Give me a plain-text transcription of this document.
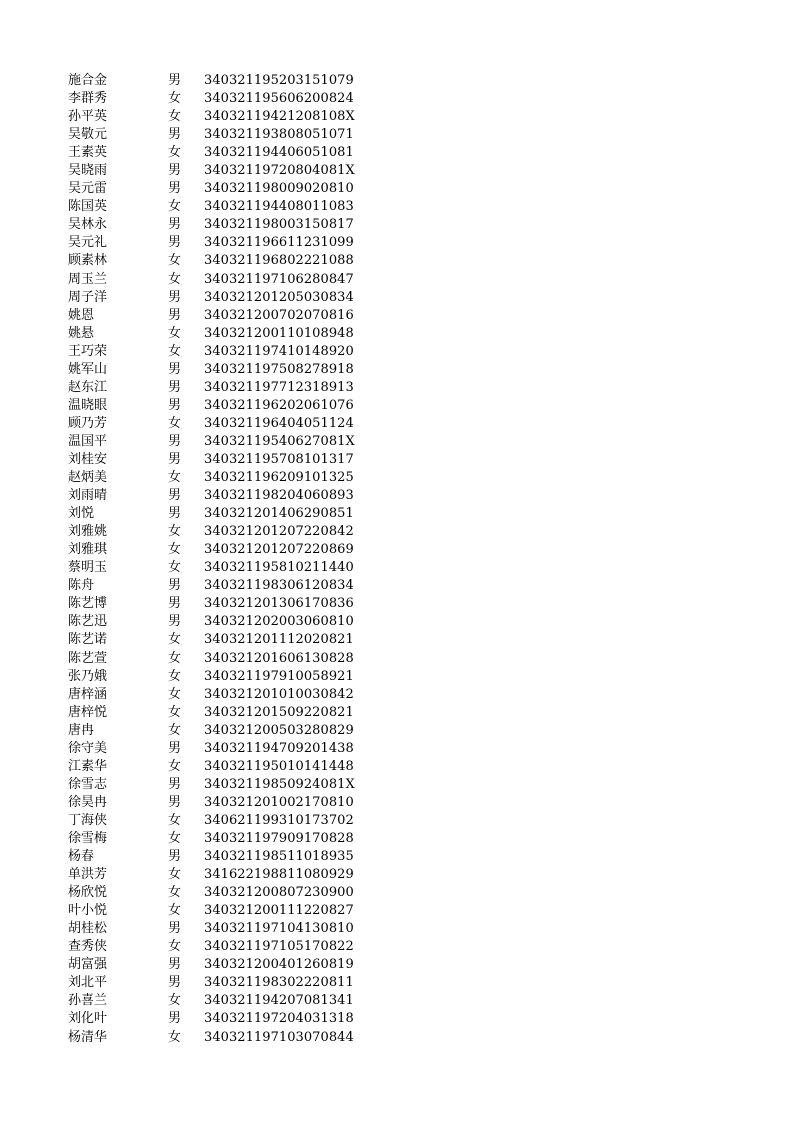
施合金	男	340321195203151079
李群秀	女	340321195606200824
孙平英	女	34032119421208108X
吴敬元	男	340321193808051071
王素英	女	340321194406051081
吴晓雨	男	34032119720804081X
吴元雷	男	340321198009020810
陈国英	女	340321194408011083
吴林永	男	340321198003150817
吴元礼	男	340321196611231099
顾素林	女	340321196802221088
周玉兰	女	340321197106280847
周子洋	男	340321201205030834
姚恩	男	340321200702070816
姚悬	女	340321200110108948
王巧荣	女	340321197410148920
姚军山	男	340321197508278918
赵东江	男	340321197712318913
温晓眼	男	340321196202061076
顾乃芳	女	340321196404051124
温国平	男	34032119540627081X
刘桂安	男	340321195708101317
赵炳美	女	340321196209101325
刘雨晴	男	340321198204060893
刘悦	男	340321201406290851
刘雅姚	女	340321201207220842
刘雅琪	女	340321201207220869
蔡明玉	女	340321195810211440
陈舟	男	340321198306120834
陈艺博	男	340321201306170836
陈艺迅	男	340321202003060810
陈艺诺	女	340321201112020821
陈艺萱	女	340321201606130828
张乃娥	女	340321197910058921
唐梓涵	女	340321201010030842
唐梓悦	女	340321201509220821
唐冉	女	340321200503280829
徐守美	男	340321194709201438
江素华	女	340321195010141448
徐雪志	男	34032119850924081X
徐昊冉	男	340321201002170810
丁海侠	女	340621199310173702
徐雪梅	女	340321197909170828
杨春	男	340321198511018935
单洪芳	女	341622198811080929
杨欣悦	女	340321200807230900
叶小悦	女	340321200111220827
胡桂松	男	340321197104130810
查秀侠	女	340321197105170822
胡富强	男	340321200401260819
刘北平	男	340321198302220811
孙喜兰	女	340321194207081341
刘化叶	男	340321197204031318
杨清华	女	340321197103070844
